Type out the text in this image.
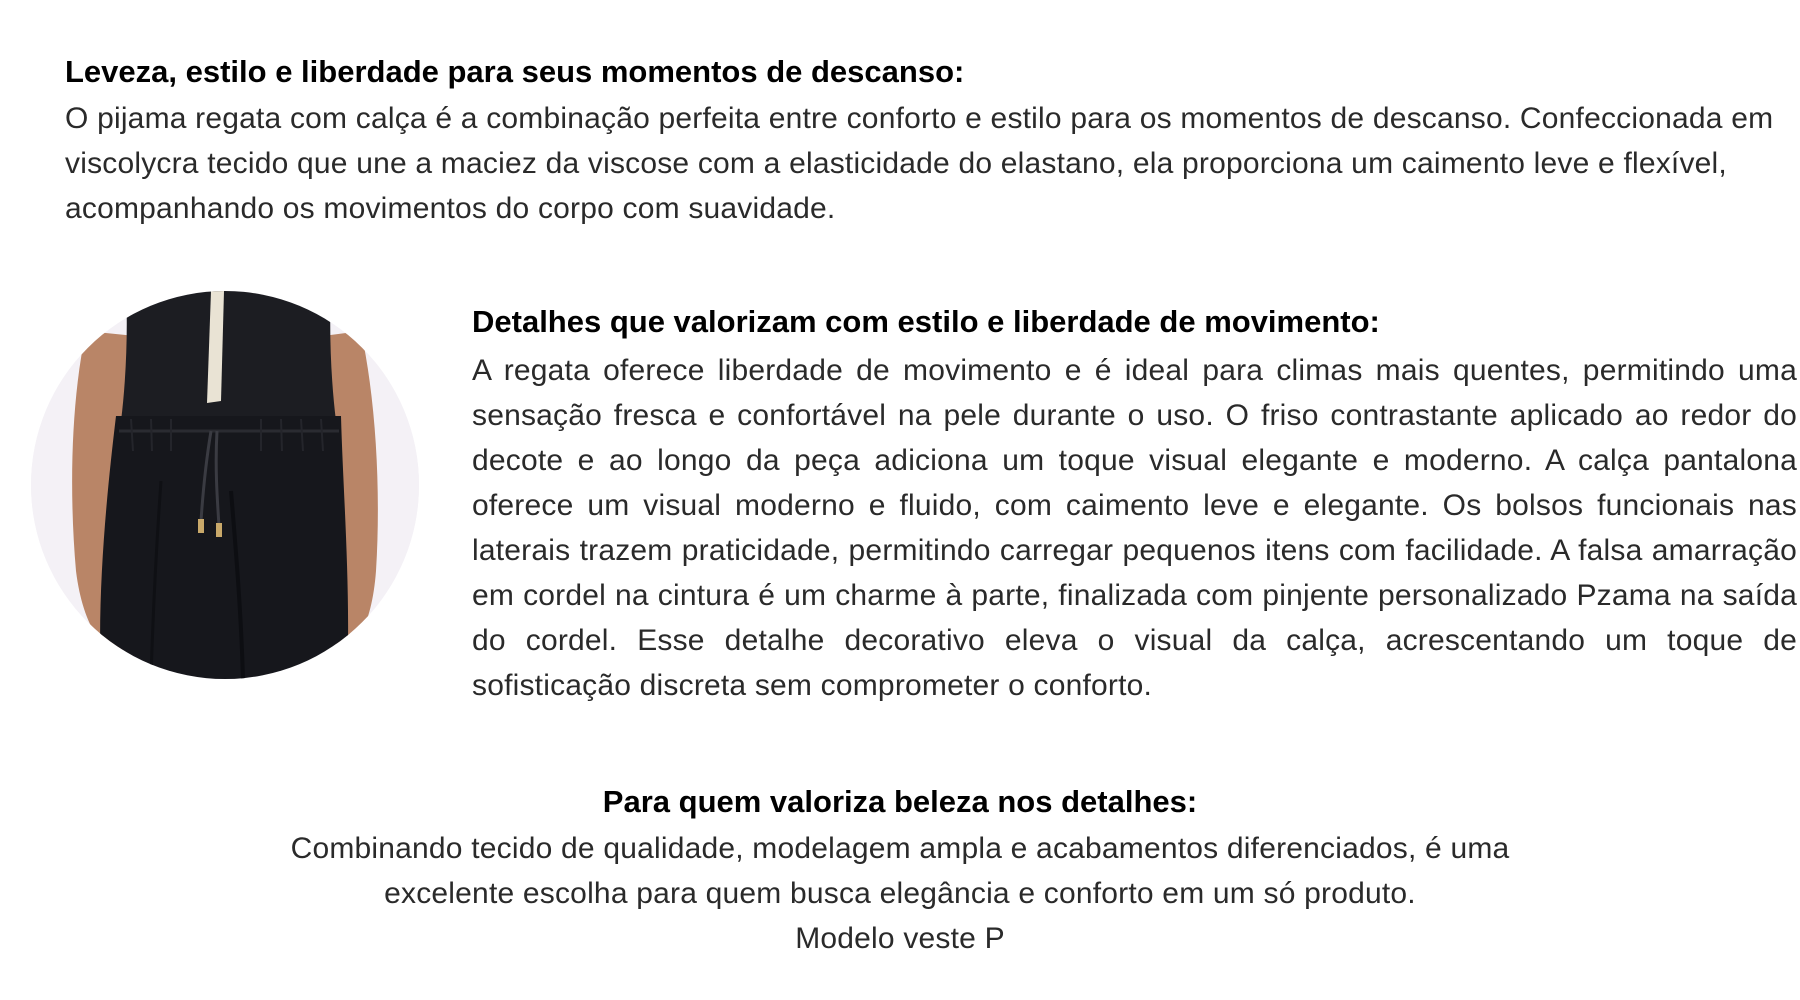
Leveza, estilo e liberdade para seus momentos de descanso:

O pijama regata com calça é a combinação perfeita entre conforto e estilo para os momentos de descanso. Confeccionada em viscolycra tecido que une a maciez da viscose com a elasticidade do elastano, ela proporciona um caimento leve e flexível, acompanhando os movimentos do corpo com suavidade.

Detalhes que valorizam com estilo e liberdade de movimento:

A regata oferece liberdade de movimento e é ideal para climas mais quentes, permitindo uma sensação fresca e confortável na pele durante o uso. O friso contrastante aplicado ao redor do decote e ao longo da peça adiciona um toque visual elegante e moderno. A calça pantalona oferece um visual moderno e fluido, com caimento leve e elegante. Os bolsos funcionais nas laterais trazem praticidade, permitindo carregar pequenos itens com facilidade. A falsa amarração em cordel na cintura é um charme à parte, finalizada com pinjente personalizado Pzama na saída do cordel. Esse detalhe decorativo eleva o visual da calça, acrescentando um toque de sofisticação discreta sem comprometer o conforto.

Para quem valoriza beleza nos detalhes:

Combinando tecido de qualidade, modelagem ampla e acabamentos diferenciados, é uma excelente escolha para quem busca elegância e conforto em um só produto.

Modelo veste P
